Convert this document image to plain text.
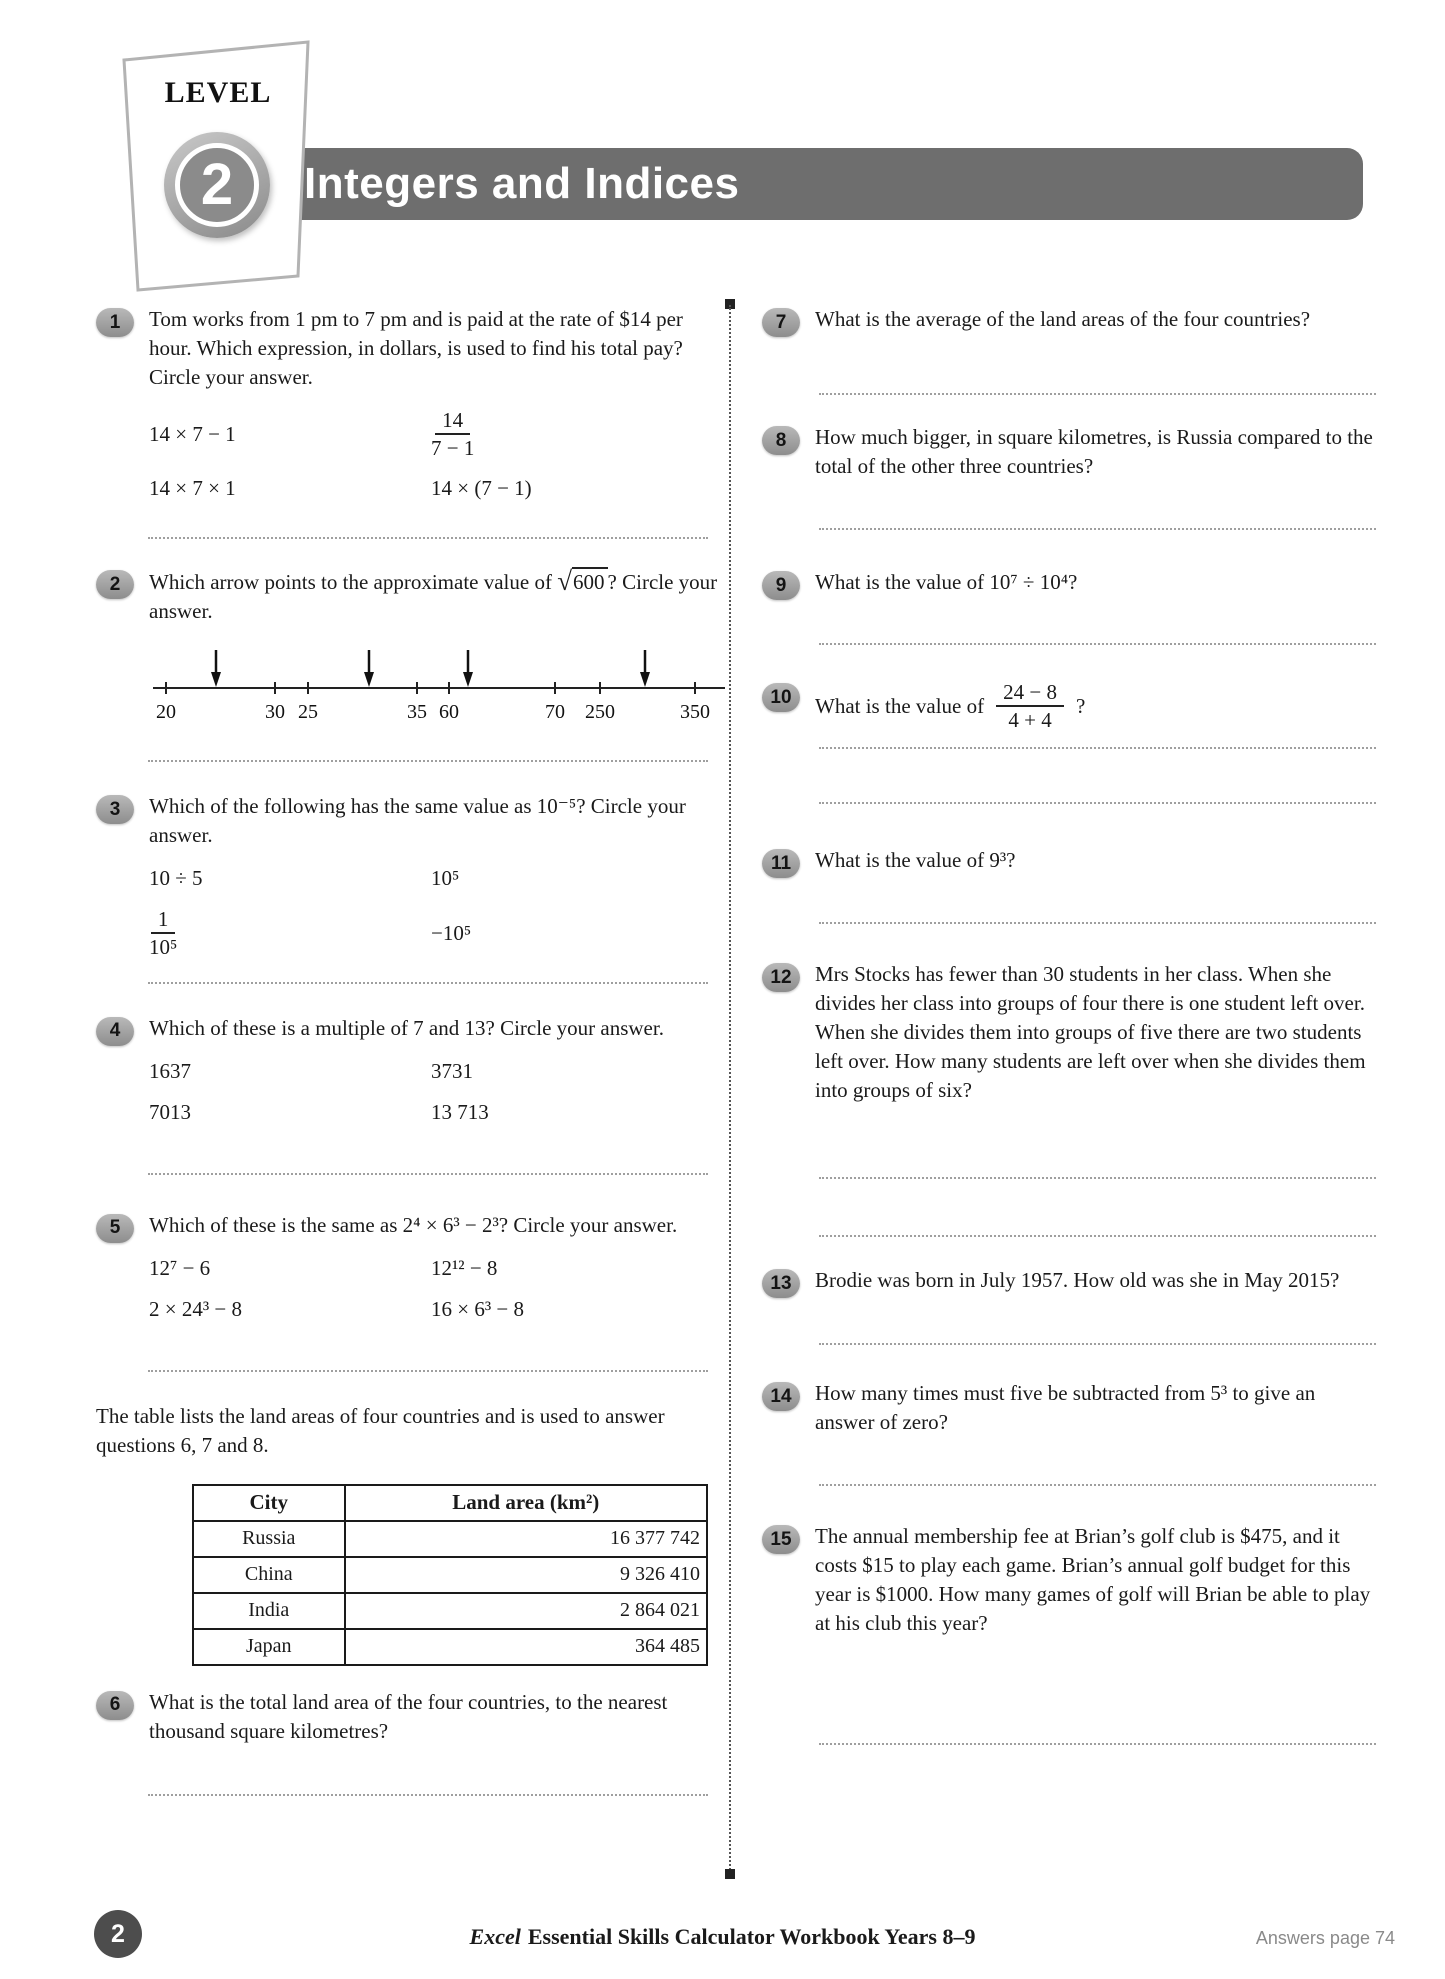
LEVEL
Integers and Indices
2
1	Tom works from 1 pm to 7 pm and is paid at the rate of $14 per hour. Which expression, in dollars, is used to find his total pay? Circle your answer.

14 × 7 − 1	$\frac{14}{7 - 1}$
14 × 7 × 1	14 × (7 − 1)
2	Which arrow points to the approximate value of √ 600 ? Circle your answer.

20	30 25	35 60	70 250	350
3	Which of the following has the same value as 10⁻⁵? Circle your answer.

10 ÷ 5	10⁵
$\frac{1}{\text{10⁵}}$	−10⁵
4	Which of these is a multiple of 7 and 13? Circle your answer.

1637	3731
7013	13 713
5	Which of these is the same as 2⁴ × 6³ − 2³? Circle your answer.

12⁷ − 6	12¹² − 8
2 × 24³ − 8	16 × 6³ − 8

The table lists the land areas of four countries and is used to answer questions 6, 7 and 8.

City	Land area (km²)
Russia	16 377 742
China	9 326 410
India	2 864 021
Japan	364 485
6	What is the total land area of the four countries, to the nearest thousand square kilometres?

7	What is the average of the land areas of the four countries?

8	How much bigger, in square kilometres, is Russia compared to the total of the other three countries?

9	What is the value of 10⁷ ÷ 10⁴?

10	What is the value of $\frac{24 - 8}{4 + 4}$ ?
11	What is the value of 9³?

12	Mrs Stocks has fewer than 30 students in her class. When she divides her class into groups of four there is one student left over. When she divides them into groups of five there are two students left over. How many students are left over when she divides them into groups of six?

13	Brodie was born in July 1957. How old was she in May 2015?

14	How many times must five be subtracted from 5³ to give an answer of zero?

15	The annual membership fee at Brian’s golf club is $475, and it costs $15 to play each game. Brian’s annual golf budget for this year is $1000. How many games of golf will Brian be able to play at his club this year?

2	Excel Essential Skills Calculator Workbook Years 8–9	Answers page 74
